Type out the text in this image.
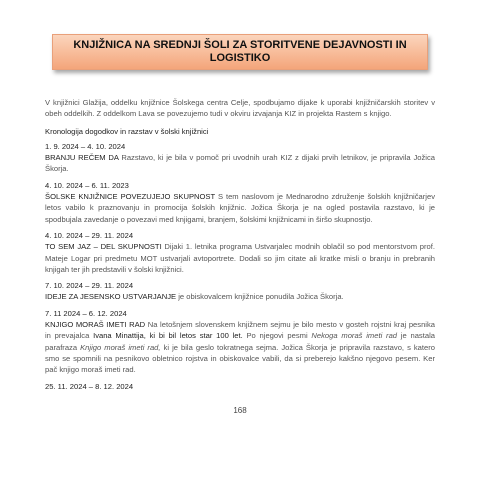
KNJIŽNICA NA SREDNJI ŠOLI ZA STORITVENE DEJAVNOSTI IN LOGISTIKO

V knjižnici Glažija, oddelku knjižnice Šolskega centra Celje, spodbujamo dijake k uporabi knjižničarskih storitev v obeh oddelkih. Z oddelkom Lava se povezujemo tudi v okviru izvajanja KIZ in projekta Rastem s knjigo.

Kronologija dogodkov in razstav v šolski knjižnici

1. 9. 2024 – 4. 10. 2024

BRANJU REČEM DA Razstavo, ki je bila v pomoč pri uvodnih urah KIZ z dijaki prvih letnikov, je pripravila Jožica Škorja.

4. 10. 2024 – 6. 11. 2023

ŠOLSKE KNJIŽNICE POVEZUJEJO SKUPNOST S tem naslovom je Mednarodno združenje šolskih knjižničarjev letos vabilo k praznovanju in promocija šolskih knjižnic. Jožica Škorja je na ogled postavila razstavo, ki je spodbujala zavedanje o povezavi med knjigami, branjem, šolskimi knjižnicami in širšo skupnostjo.

4. 10. 2024 – 29. 11. 2024

TO SEM JAZ – DEL SKUPNOSTI Dijaki 1. letnika programa Ustvarjalec modnih oblačil so pod mentorstvom prof. Mateje Logar pri predmetu MOT ustvarjali avtoportrete. Dodali so jim citate ali kratke misli o branju in prebranih knjigah ter jih predstavili v šolski knjižnici.

7. 10. 2024 – 29. 11. 2024

IDEJE ZA JESENSKO USTVARJANJE je obiskovalcem knjižnice ponudila Jožica Škorja.

7. 11 2024 – 6. 12. 2024

KNJIGO MORAŠ IMETI RAD Na letošnjem slovenskem knjižnem sejmu je bilo mesto v gosteh rojstni kraj pesnika in prevajalca Ivana Minattija, ki bi bil letos star 100 let. Po njegovi pesmi Nekoga moraš imeti rad je nastala parafraza Knjigo moraš imeti rad, ki je bila geslo tokratnega sejma. Jožica Škorja je pripravila razstavo, s katero smo se spomnili na pesnikovo obletnico rojstva in obiskovalce vabili, da si preberejo kakšno njegovo pesem. Ker pač knjigo moraš imeti rad.

25. 11. 2024 – 8. 12. 2024

168
